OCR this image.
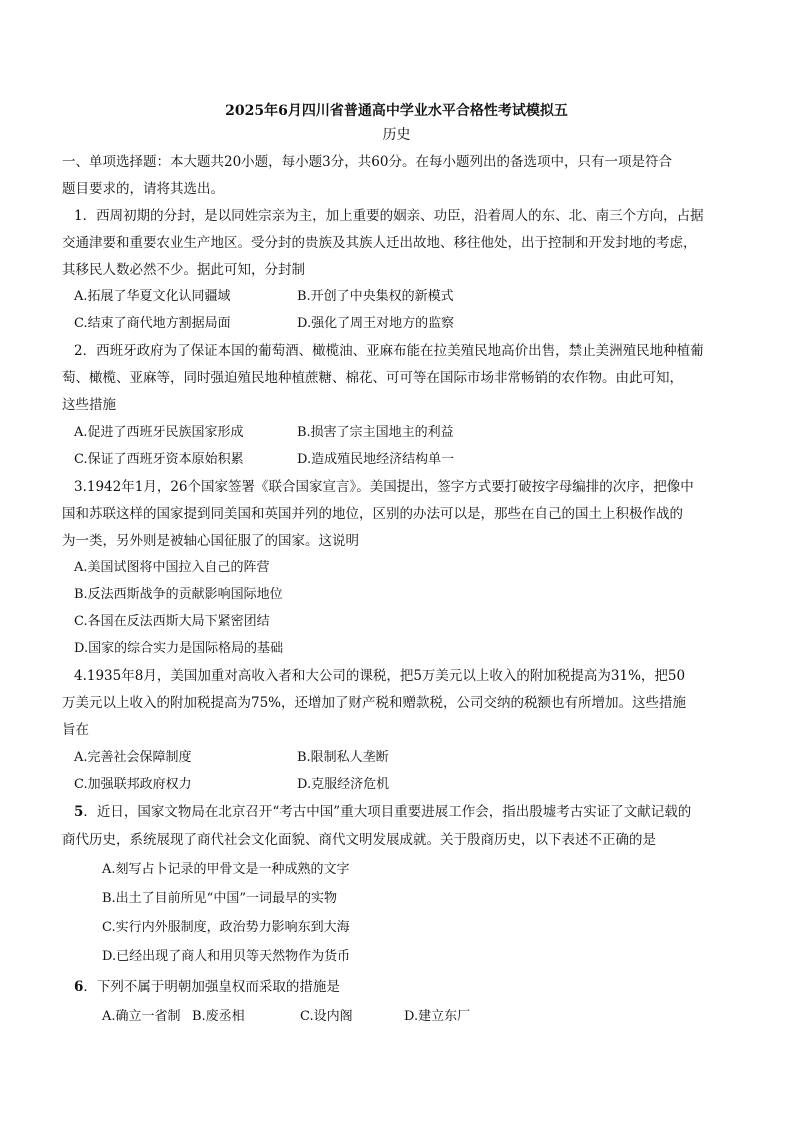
2025年6月四川省普通高中学业水平合格性考试模拟五
历史
一、单项选择题：本大题共20小题，每小题3分，共60分。在每小题列出的备选项中，只有一项是符合
题目要求的，请将其选出。
1．西周初期的分封，是以同姓宗亲为主，加上重要的姻亲、功臣，沿着周人的东、北、南三个方向，占据
交通津要和重要农业生产地区。受分封的贵族及其族人迁出故地、移往他处，出于控制和开发封地的考虑，
其移民人数必然不少。据此可知，分封制
A.拓展了华夏文化认同疆域	B.开创了中央集权的新模式
C.结束了商代地方割据局面	D.强化了周王对地方的监察
2．西班牙政府为了保证本国的葡萄酒、橄榄油、亚麻布能在拉美殖民地高价出售，禁止美洲殖民地种植葡
萄、橄榄、亚麻等，同时强迫殖民地种植蔗糖、棉花、可可等在国际市场非常畅销的农作物。由此可知，
这些措施
A.促进了西班牙民族国家形成	B.损害了宗主国地主的利益
C.保证了西班牙资本原始积累	D.造成殖民地经济结构单一
3.1942年1月，26个国家签署《联合国家宣言》。美国提出，签字方式要打破按字母编排的次序，把像中
国和苏联这样的国家提到同美国和英国并列的地位，区别的办法可以是，那些在自己的国土上积极作战的
为一类，另外则是被轴心国征服了的国家。这说明
A.美国试图将中国拉入自己的阵营
B.反法西斯战争的贡献影响国际地位
C.各国在反法西斯大局下紧密团结
D.国家的综合实力是国际格局的基础
4.1935年8月，美国加重对高收入者和大公司的课税，把5万美元以上收入的附加税提高为31%，把50
万美元以上收入的附加税提高为75%，还增加了财产税和赠款税，公司交纳的税额也有所增加。这些措施
旨在
A.完善社会保障制度	B.限制私人垄断
C.加强联邦政府权力	D.克服经济危机
5．近日，国家文物局在北京召开“考古中国”重大项目重要进展工作会，指出殷墟考古实证了文献记载的
商代历史，系统展现了商代社会文化面貌、商代文明发展成就。关于殷商历史，以下表述不正确的是
A.刻写占卜记录的甲骨文是一种成熟的文字
B.出土了目前所见“中国”一词最早的实物
C.实行内外服制度，政治势力影响东到大海
D.已经出现了商人和用贝等天然物作为货币
6．下列不属于明朝加强皇权而采取的措施是
A.确立一省制 B.废丞相	C.设内阁	D.建立东厂
